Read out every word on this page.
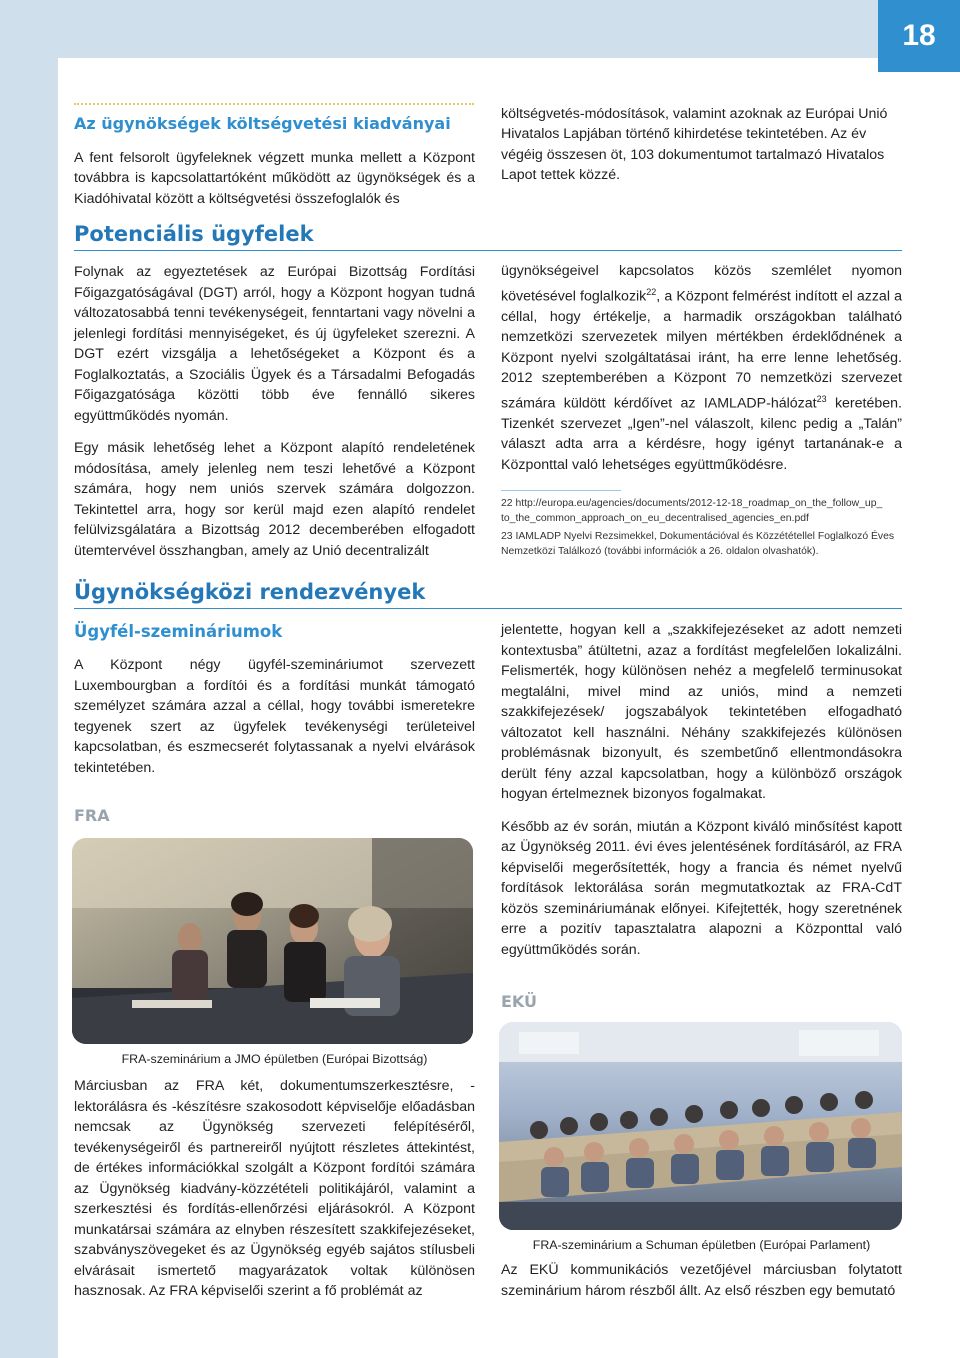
18
Az ügynökségek költségvetési kiadványai

A fent felsorolt ügyfeleknek végzett munka mellett a Központ továbbra is kapcsolattartóként működött az ügynökségek és a Kiadóhivatal között a költségvetési összefoglalók és

Potenciális ügyfelek

Folynak az egyeztetések az Európai Bizottság Fordítási Főigazgatóságával (DGT) arról, hogy a Központ hogyan tudná változatosabbá tenni tevékenységeit, fenntartani vagy növelni a jelenlegi fordítási mennyiségeket, és új ügyfeleket szerezni. A DGT ezért vizsgálja a lehetőségeket a Központ és a Foglalkoztatás, a Szociális Ügyek és a Társadalmi Befogadás Főigazgatósága közötti több éve fennálló sikeres együttműködés nyomán.

Egy másik lehetőség lehet a Központ alapító rendeletének módosítása, amely jelenleg nem teszi lehetővé a Központ számára, hogy nem uniós szervek számára dolgozzon. Tekintettel arra, hogy sor kerül majd ezen alapító rendelet felülvizsgálatára a Bizottság 2012 decemberében elfogadott ütemtervével összhangban, amely az Unió decentralizált

Ügynökségközi rendezvények
Ügyfél-szemináriumok

A Központ négy ügyfél-szemináriumot szervezett Luxembourgban a fordítói és a fordítási munkát támogató személyzet számára azzal a céllal, hogy további ismeretekre tegyenek szert az ügyfelek tevékenységi területeivel kapcsolatban, és eszmecserét folytassanak a nyelvi elvárások tekintetében.

FRA
FRA-szeminárium a JMO épületben (Európai Bizottság)

Márciusban az FRA két, dokumentumszerkesztésre, -lektorálásra és -készítésre szakosodott képviselője előadásban nemcsak az Ügynökség szervezeti felépítéséről, tevékenységeiről és partnereiről nyújtott részletes áttekintést, de értékes információkkal szolgált a Központ fordítói számára az Ügynökség kiadvány-közzétételi politikájáról, valamint a szerkesztési és fordítás-ellenőrzési eljárásokról. A Központ munkatársai számára az elnyben részesített szakkifejezéseket, szabványszövegeket és az Ügynökség egyéb sajátos stílusbeli elvárásait ismertető magyarázatok voltak különösen hasznosak. Az FRA képviselői szerint a fő problémát az

költségvetés-módosítások, valamint azoknak az Európai Unió Hivatalos Lapjában történő kihirdetése tekintetében. Az év végéig összesen öt, 103 dokumentumot tartalmazó Hivatalos Lapot tettek közzé.

ügynökségeivel kapcsolatos közös szemlélet nyomon követésével foglalkozik$^{22}$, a Központ felmérést indított el azzal a céllal, hogy értékelje, a harmadik országokban található nemzetközi szervezetek milyen mértékben érdeklődnének a Központ nyelvi szolgáltatásai iránt, ha erre lenne lehetőség. 2012 szeptemberében a Központ 70 nemzetközi szervezet számára küldött kérdőívet az IAMLADP-hálózat$^{23}$ keretében. Tizenkét szervezet „Igen”-nel válaszolt, kilenc pedig a „Talán” választ adta arra a kérdésre, hogy igényt tartanának-e a Központtal való lehetséges együttműködésre.

22 http://europa.eu/agencies/documents/2012-12-18_roadmap_on_the_follow_up_ to_the_common_approach_on_eu_decentralised_agencies_en.pdf

23 IAMLADP Nyelvi Rezsimekkel, Dokumentációval és Közzététellel Foglalkozó Éves Nemzetközi Találkozó (további információk a 26. oldalon olvashatók).

jelentette, hogyan kell a „szakkifejezéseket az adott nemzeti kontextusba” átültetni, azaz a fordítást megfelelően lokalizálni. Felismerték, hogy különösen nehéz a megfelelő terminusokat megtalálni, mivel mind az uniós, mind a nemzeti szakkifejezések/ jogszabályok tekintetében elfogadható változatot kell használni. Néhány szakkifejezés különösen problémásnak bizonyult, és szembetűnő ellentmondásokra derült fény azzal kapcsolatban, hogy a különböző országok hogyan értelmeznek bizonyos fogalmakat.

Később az év során, miután a Központ kiváló minősítést kapott az Ügynökség 2011. évi éves jelentésének fordításáról, az FRA képviselői megerősítették, hogy a francia és német nyelvű fordítások lektorálása során megmutatkoztak az FRA-CdT közös szemináriumának előnyei. Kifejtették, hogy szeretnének erre a pozitív tapasztalatra alapozni a Központtal való együttműködés során.

EKÜ
FRA-szeminárium a Schuman épületben (Európai Parlament)

Az EKÜ kommunikációs vezetőjével márciusban folytatott szeminárium három részből állt. Az első részben egy bemutató
